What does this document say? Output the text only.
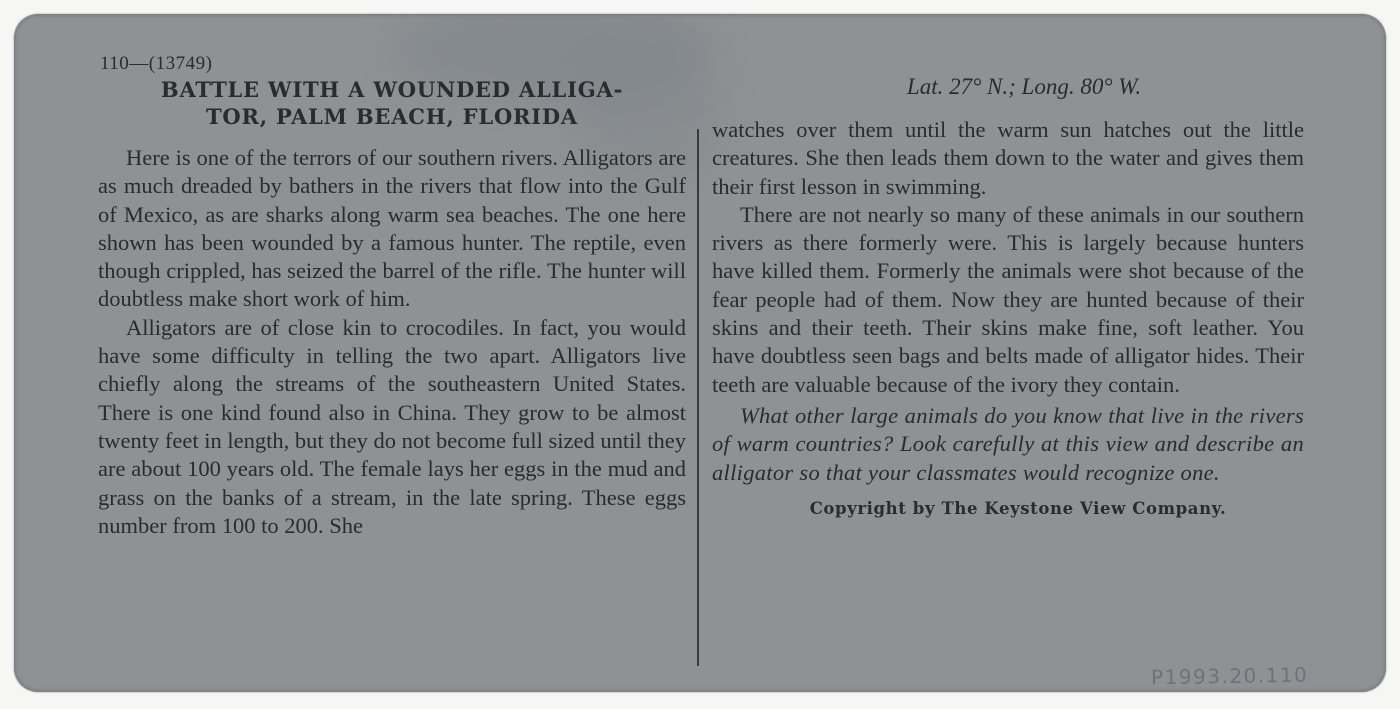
110—(13749)
BATTLE WITH A WOUNDED ALLIGA-
TOR, PALM BEACH, FLORIDA

Here is one of the terrors of our southern rivers. Alligators are as much dreaded by bathers in the rivers that flow into the Gulf of Mexico, as are sharks along warm sea beaches. The one here shown has been wounded by a famous hunter. The reptile, even though crippled, has seized the barrel of the rifle. The hunter will doubtless make short work of him.

Alligators are of close kin to crocodiles. In fact, you would have some difficulty in telling the two apart. Alligators live chiefly along the streams of the southeastern United States. There is one kind found also in China. They grow to be almost twenty feet in length, but they do not become full sized until they are about 100 years old. The female lays her eggs in the mud and grass on the banks of a stream, in the late spring. These eggs number from 100 to 200. She

Lat. 27° N.; Long. 80° W.

watches over them until the warm sun hatches out the little creatures. She then leads them down to the water and gives them their first lesson in swimming.

There are not nearly so many of these animals in our southern rivers as there formerly were. This is largely because hunters have killed them. Formerly the animals were shot because of the fear people had of them. Now they are hunted because of their skins and their teeth. Their skins make fine, soft leather. You have doubtless seen bags and belts made of alligator hides. Their teeth are valuable because of the ivory they contain.

What other large animals do you know that live in the rivers of warm countries? Look carefully at this view and describe an alligator so that your classmates would recognize one.

Copyright by The Keystone View Company.
P1993.20.110
